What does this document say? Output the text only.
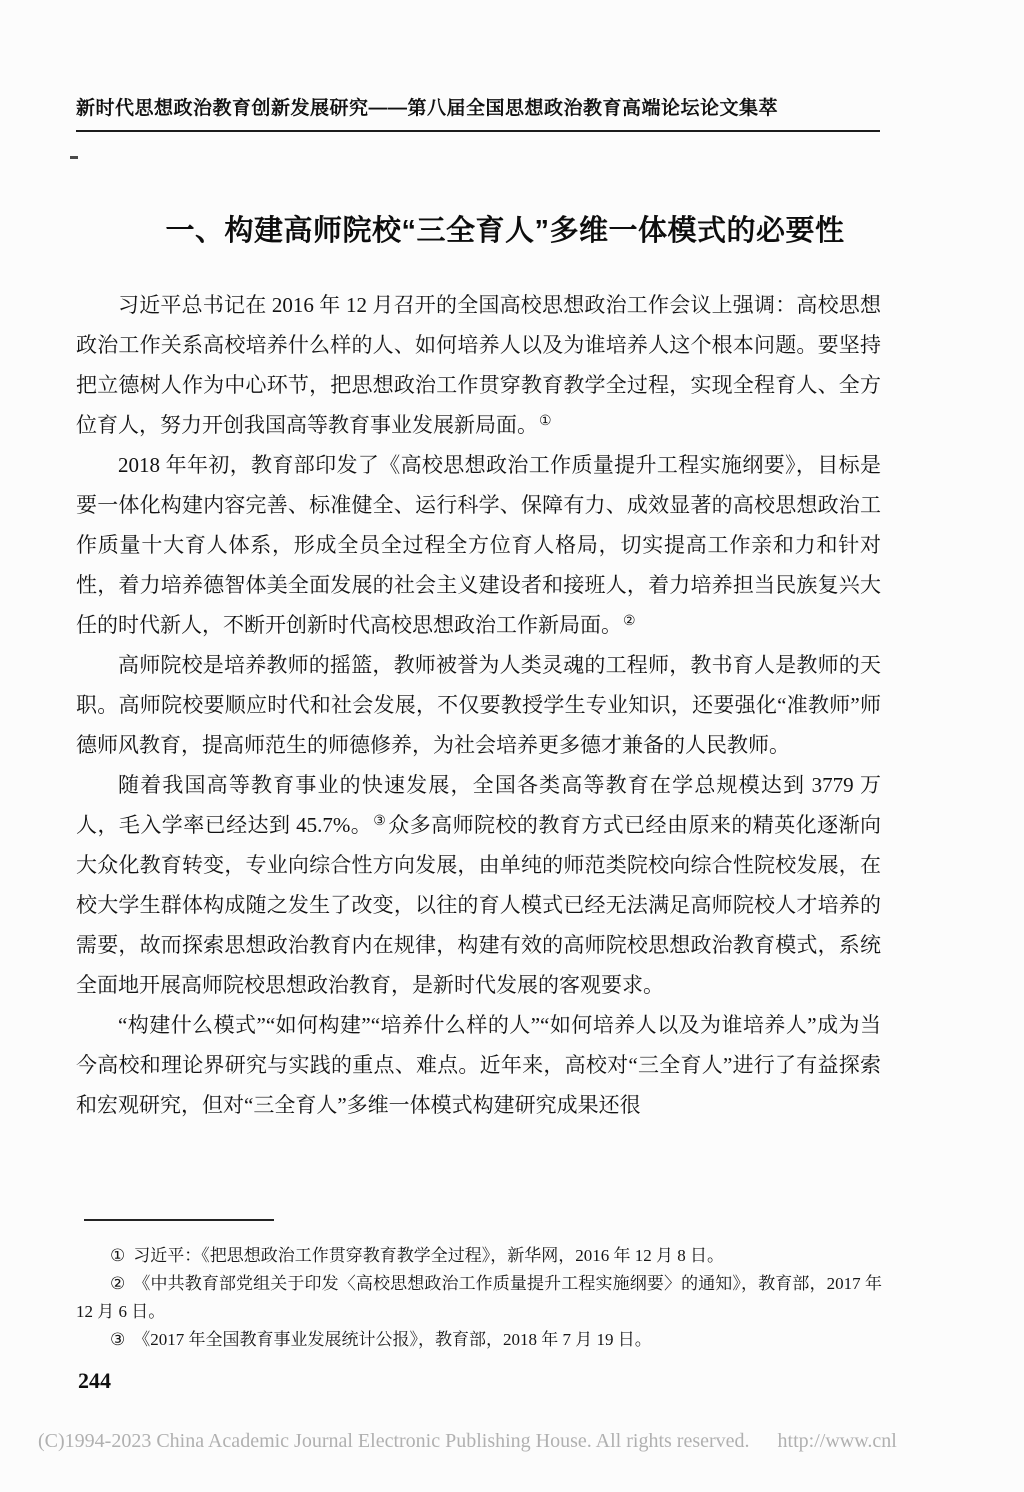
新时代思想政治教育创新发展研究——第八届全国思想政治教育高端论坛论文集萃
一、构建高师院校“三全育人”多维一体模式的必要性

习近平总书记在 2016 年 12 月召开的全国高校思想政治工作会议上强调：高校思想政治工作关系高校培养什么样的人、如何培养人以及为谁培养人这个根本问题。要坚持把立德树人作为中心环节，把思想政治工作贯穿教育教学全过程，实现全程育人、全方位育人，努力开创我国高等教育事业发展新局面。①

2018 年年初，教育部印发了《高校思想政治工作质量提升工程实施纲要》，目标是要一体化构建内容完善、标准健全、运行科学、保障有力、成效显著的高校思想政治工作质量十大育人体系，形成全员全过程全方位育人格局，切实提高工作亲和力和针对性，着力培养德智体美全面发展的社会主义建设者和接班人，着力培养担当民族复兴大任的时代新人，不断开创新时代高校思想政治工作新局面。②

高师院校是培养教师的摇篮，教师被誉为人类灵魂的工程师，教书育人是教师的天职。高师院校要顺应时代和社会发展，不仅要教授学生专业知识，还要强化“准教师”师德师风教育，提高师范生的师德修养，为社会培养更多德才兼备的人民教师。

随着我国高等教育事业的快速发展，全国各类高等教育在学总规模达到 3779 万人，毛入学率已经达到 45.7%。③众多高师院校的教育方式已经由原来的精英化逐渐向大众化教育转变，专业向综合性方向发展，由单纯的师范类院校向综合性院校发展，在校大学生群体构成随之发生了改变，以往的育人模式已经无法满足高师院校人才培养的需要，故而探索思想政治教育内在规律，构建有效的高师院校思想政治教育模式，系统全面地开展高师院校思想政治教育，是新时代发展的客观要求。

“构建什么模式”“如何构建”“培养什么样的人”“如何培养人以及为谁培养人”成为当今高校和理论界研究与实践的重点、难点。近年来，高校对“三全育人”进行了有益探索和宏观研究，但对“三全育人”多维一体模式构建研究成果还很

① 习近平：《把思想政治工作贯穿教育教学全过程》，新华网，2016 年 12 月 8 日。

② 《中共教育部党组关于印发〈高校思想政治工作质量提升工程实施纲要〉的通知》，教育部，2017 年 12 月 6 日。

③ 《2017 年全国教育事业发展统计公报》，教育部，2018 年 7 月 19 日。

244
(C)1994-2023 China Academic Journal Electronic Publishing House. All rights reserved. http://www.cnl
